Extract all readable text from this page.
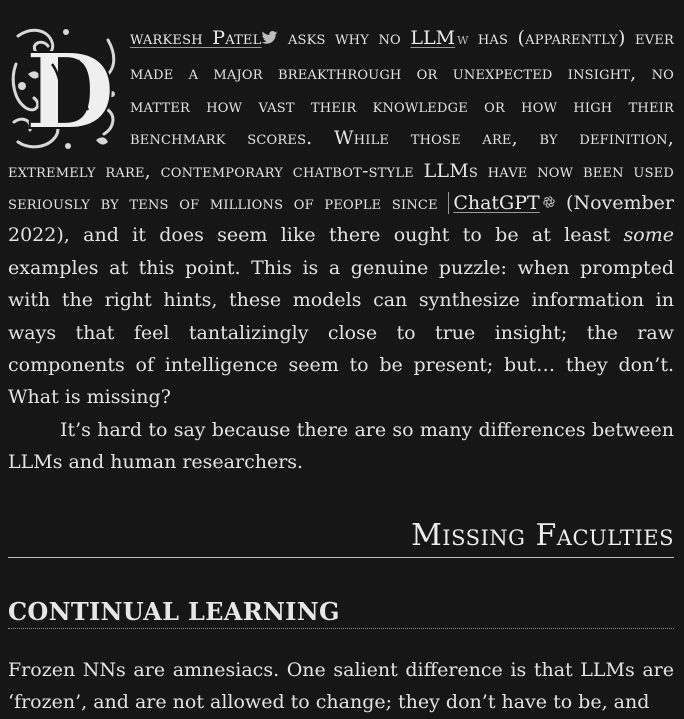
D warkesh Patel
asks why no LLM W has (apparently) ever made a major breakthrough or unexpected insight, no matter how vast their knowledge or how high their benchmark scores. While those are, by definition, extremely rare, contemporary chatbot-style LLMs have now been used seriously by tens of millions of people since ChatGPT
(November 2022), and it does seem like there ought to be at least some examples at this point. This is a genuine puzzle: when prompted with the right hints, these models can synthesize information in ways that feel tantalizingly close to true insight; the raw components of intelligence seem to be present; but… they don’t. What is missing?

It’s hard to say because there are so many differences between LLMs and human researchers.

Missing Faculties
CONTINUAL LEARNING

Frozen NNs are amnesiacs. One salient difference is that LLMs are ‘frozen’, and are not allowed to change; they don’t have to be, and
